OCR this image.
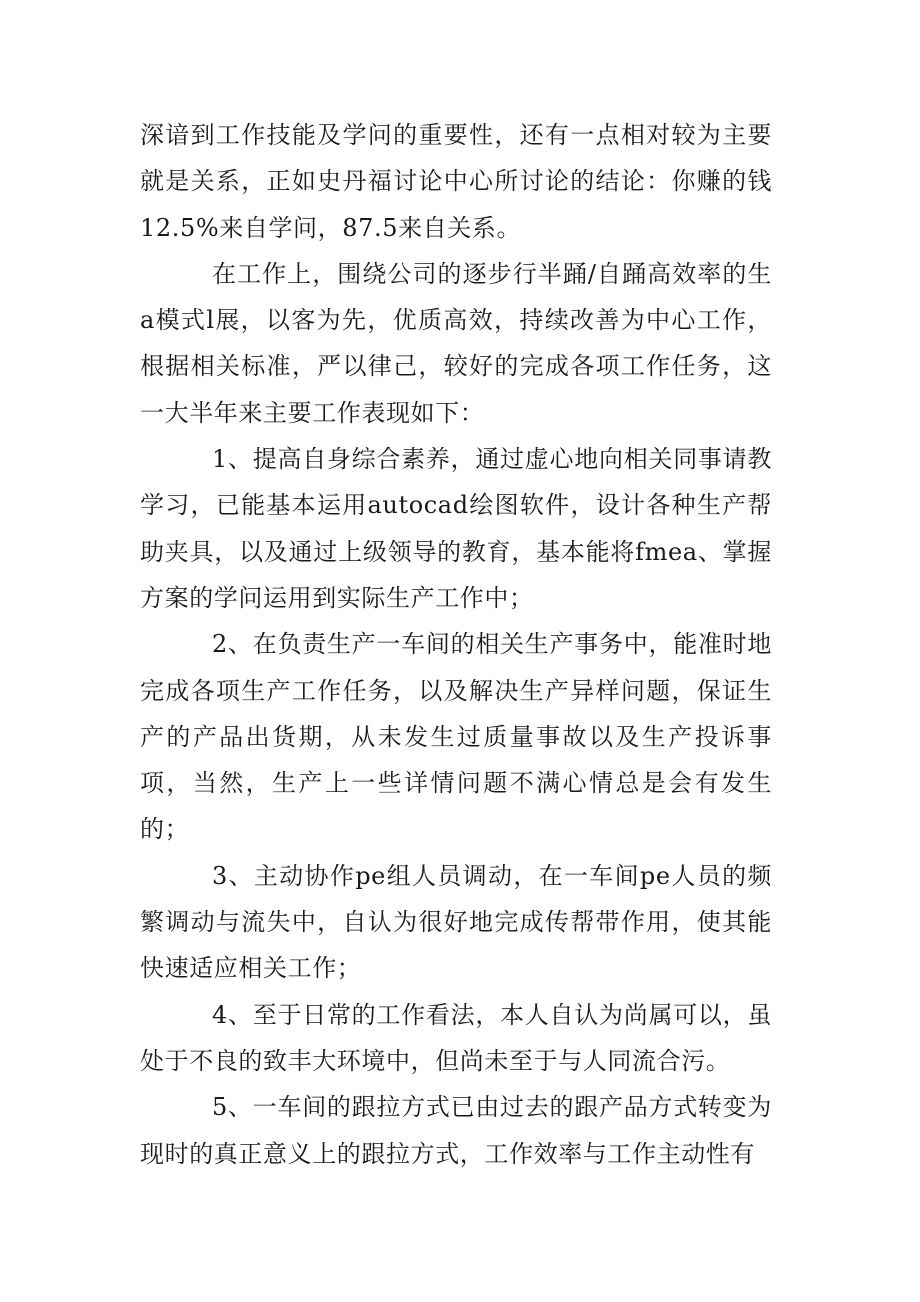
深谙到工作技能及学问的重要性，还有一点相对较为主要就是关系，正如史丹福讨论中心所讨论的结论：你赚的钱12.5%来自学问，87.5来自关系。

在工作上，围绕公司的逐步行半踊/自踊高效率的生a模式l展，以客为先，优质高效，持续改善为中心工作，根据相关标准，严以律己，较好的完成各项工作任务，这一大半年来主要工作表现如下：

1、提高自身综合素养，通过虚心地向相关同事请教学习，已能基本运用autocad绘图软件，设计各种生产帮助夹具，以及通过上级领导的教育，基本能将fmea、掌握方案的学问运用到实际生产工作中；

2、在负责生产一车间的相关生产事务中，能准时地完成各项生产工作任务，以及解决生产异样问题，保证生产的产品出货期，从未发生过质量事故以及生产投诉事项，当然，生产上一些详情问题不满心情总是会有发生的；

3、主动协作pe组人员调动，在一车间pe人员的频繁调动与流失中，自认为很好地完成传帮带作用，使其能快速适应相关工作；

4、至于日常的工作看法，本人自认为尚属可以，虽处于不良的致丰大环境中，但尚未至于与人同流合污。

5、一车间的跟拉方式已由过去的跟产品方式转变为现时的真正意义上的跟拉方式，工作效率与工作主动性有
